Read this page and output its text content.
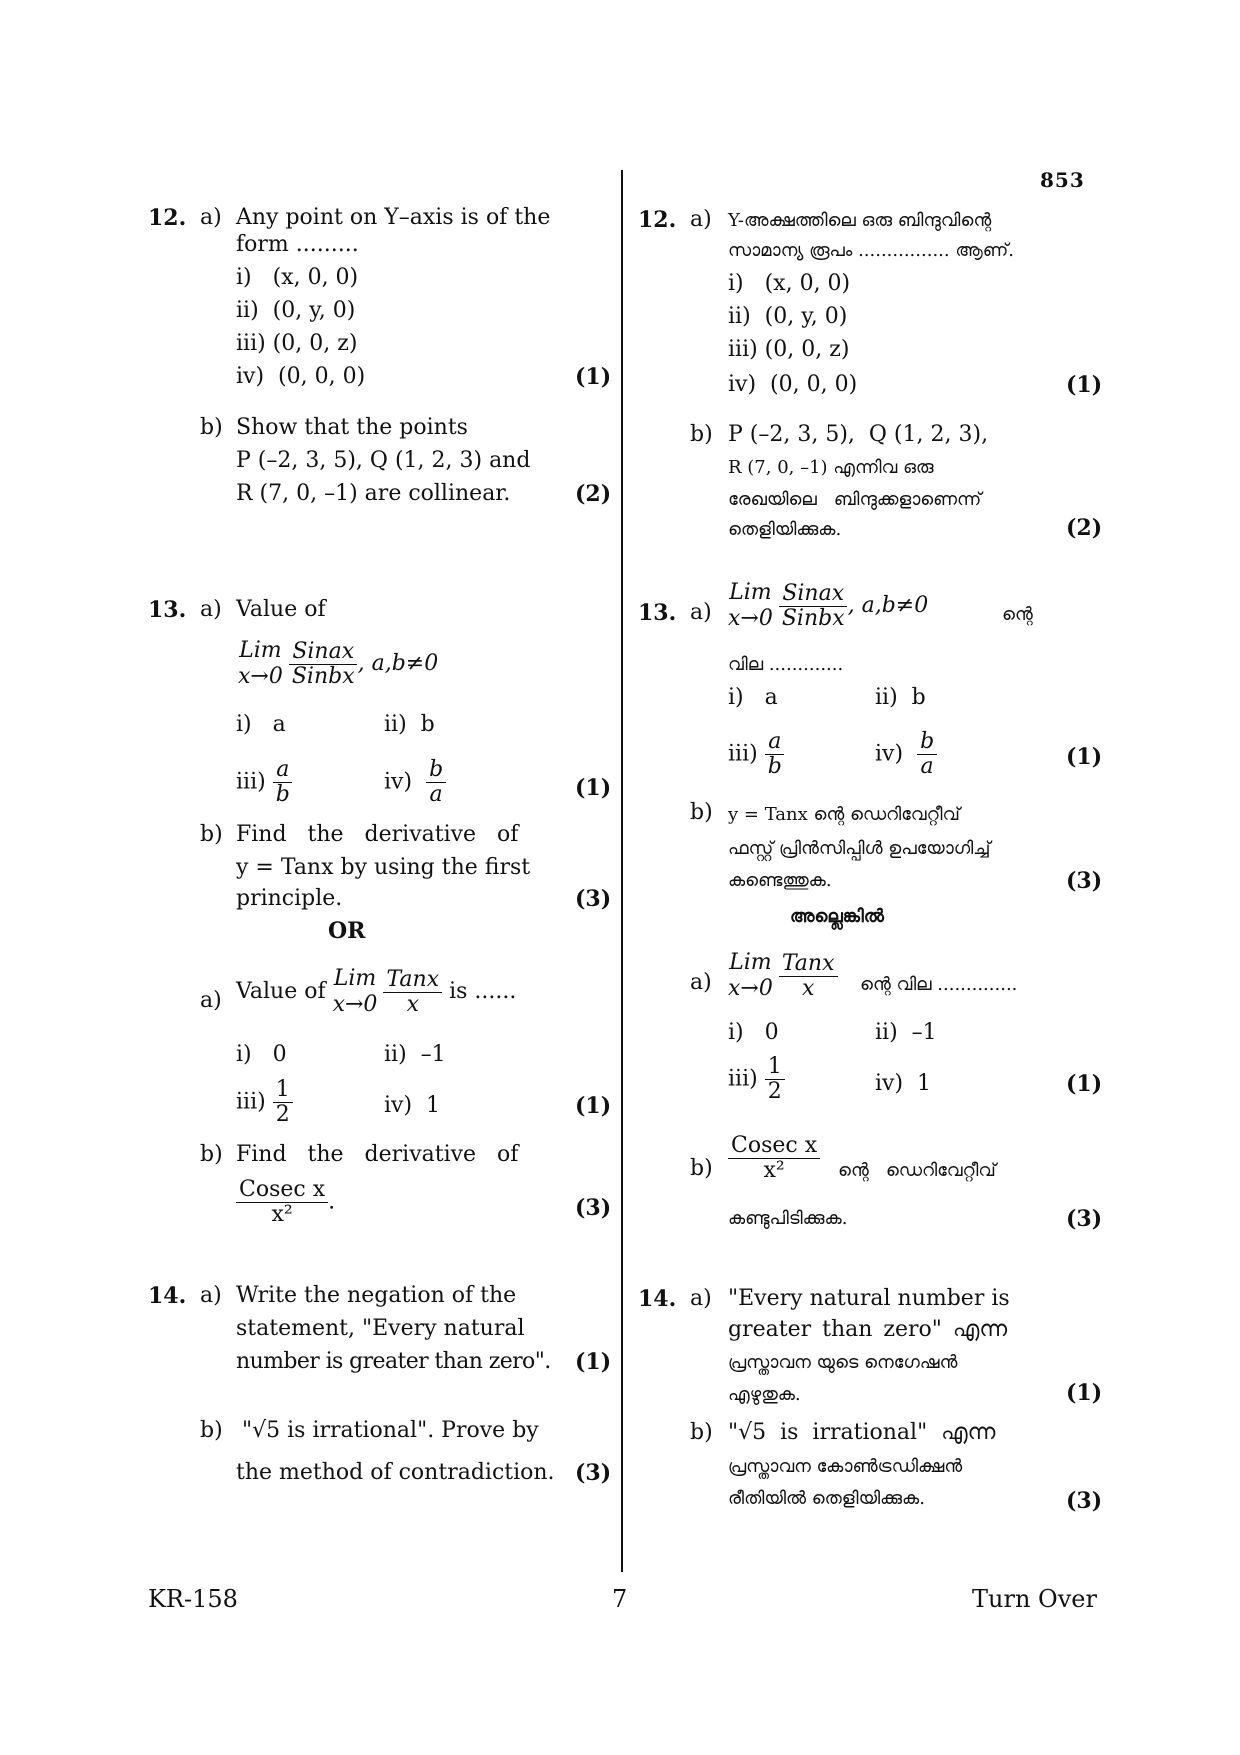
853
12. a) Any point on Y–axis is of the
form .........
i)   (x, 0, 0)
ii)  (0, y, 0)
iii) (0, 0, z)
iv)  (0, 0, 0)	(1)
b) Show that the points
P (–2, 3, 5), Q (1, 2, 3) and
R (7, 0, –1) are collinear.	(2)
13. a) Value of
Lim
$x\to 0 \frac{\text{Sinax}}{\text{Sinbx}}$ , a,b≠0
i)   a	ii)  b
$iii) \frac{a}{b}$	$iv) \frac{b}{a}$	(1)
b) Find   the   derivative   of
y = Tanx by using the first
principle.	(3)
OR
a) Value of
Lim
$x\to 0 \frac{\text{Tanx}}{x}$ is ......
i)   0	ii)  –1
$iii) \frac{1}{2}$	iv)  1	(1)
b) Find   the   derivative   of
$\frac{\text{Cosec x}}{\text{x²}}$ .	(3)
14. a) Write the negation of the
statement, "Every natural
number is greater than zero". (1)
b) "√5 is irrational". Prove by
the method of contradiction. (3)
12. a) Y-അക്ഷത്തിലെ ഒരു ബിന്ദുവിന്റെ
സാമാന്യ രൂപം ................ ആണ്.
i)   (x, 0, 0)
ii)  (0, y, 0)
iii) (0, 0, z)
iv)  (0, 0, 0)	(1)
b) P (–2, 3, 5),  Q (1, 2, 3),
R (7, 0, –1) എന്നിവ ഒരു
രേഖയിലെ   ബിന്ദുക്കളാണെന്ന്
തെളിയിക്കുക.	(2)
13. a)
Lim
$x\to 0 \frac{\text{Sinax}}{\text{Sinbx}}$ , a,b≠0	ന്റെ
വില .............
i)   a	ii)  b
$iii) \frac{a}{b}$	$iv) \frac{b}{a}$	(1)
b) y = Tanx ന്റെ ഡെറിവേറ്റീവ്
ഫസ്റ്റ് പ്രിൻസിപ്പിൾ ഉപയോഗിച്ച്
കണ്ടെത്തുക.	(3)
അല്ലെങ്കിൽ
a)
Lim
$x\to 0 \frac{\text{Tanx}}{x}$ ന്റെ വില ..............
i)   0	ii)  –1
$iii) \frac{1}{2}$	iv)  1	(1)
$b) \frac{\text{Cosec x}}{\text{x²}}$ ന്റെ   ഡെറിവേറ്റീവ്
കണ്ടുപിടിക്കുക.	(3)
14. a) "Every natural number is
greater than zero" എന്ന
പ്രസ്താവന യുടെ നെഗേഷൻ
എഴുതുക.	(1)
b) "√5  is  irrational"  എന്ന
പ്രസ്താവന കോൺട്രഡിക്ഷൻ
രീതിയിൽ തെളിയിക്കുക.	(3)
KR-158	7	Turn Over
